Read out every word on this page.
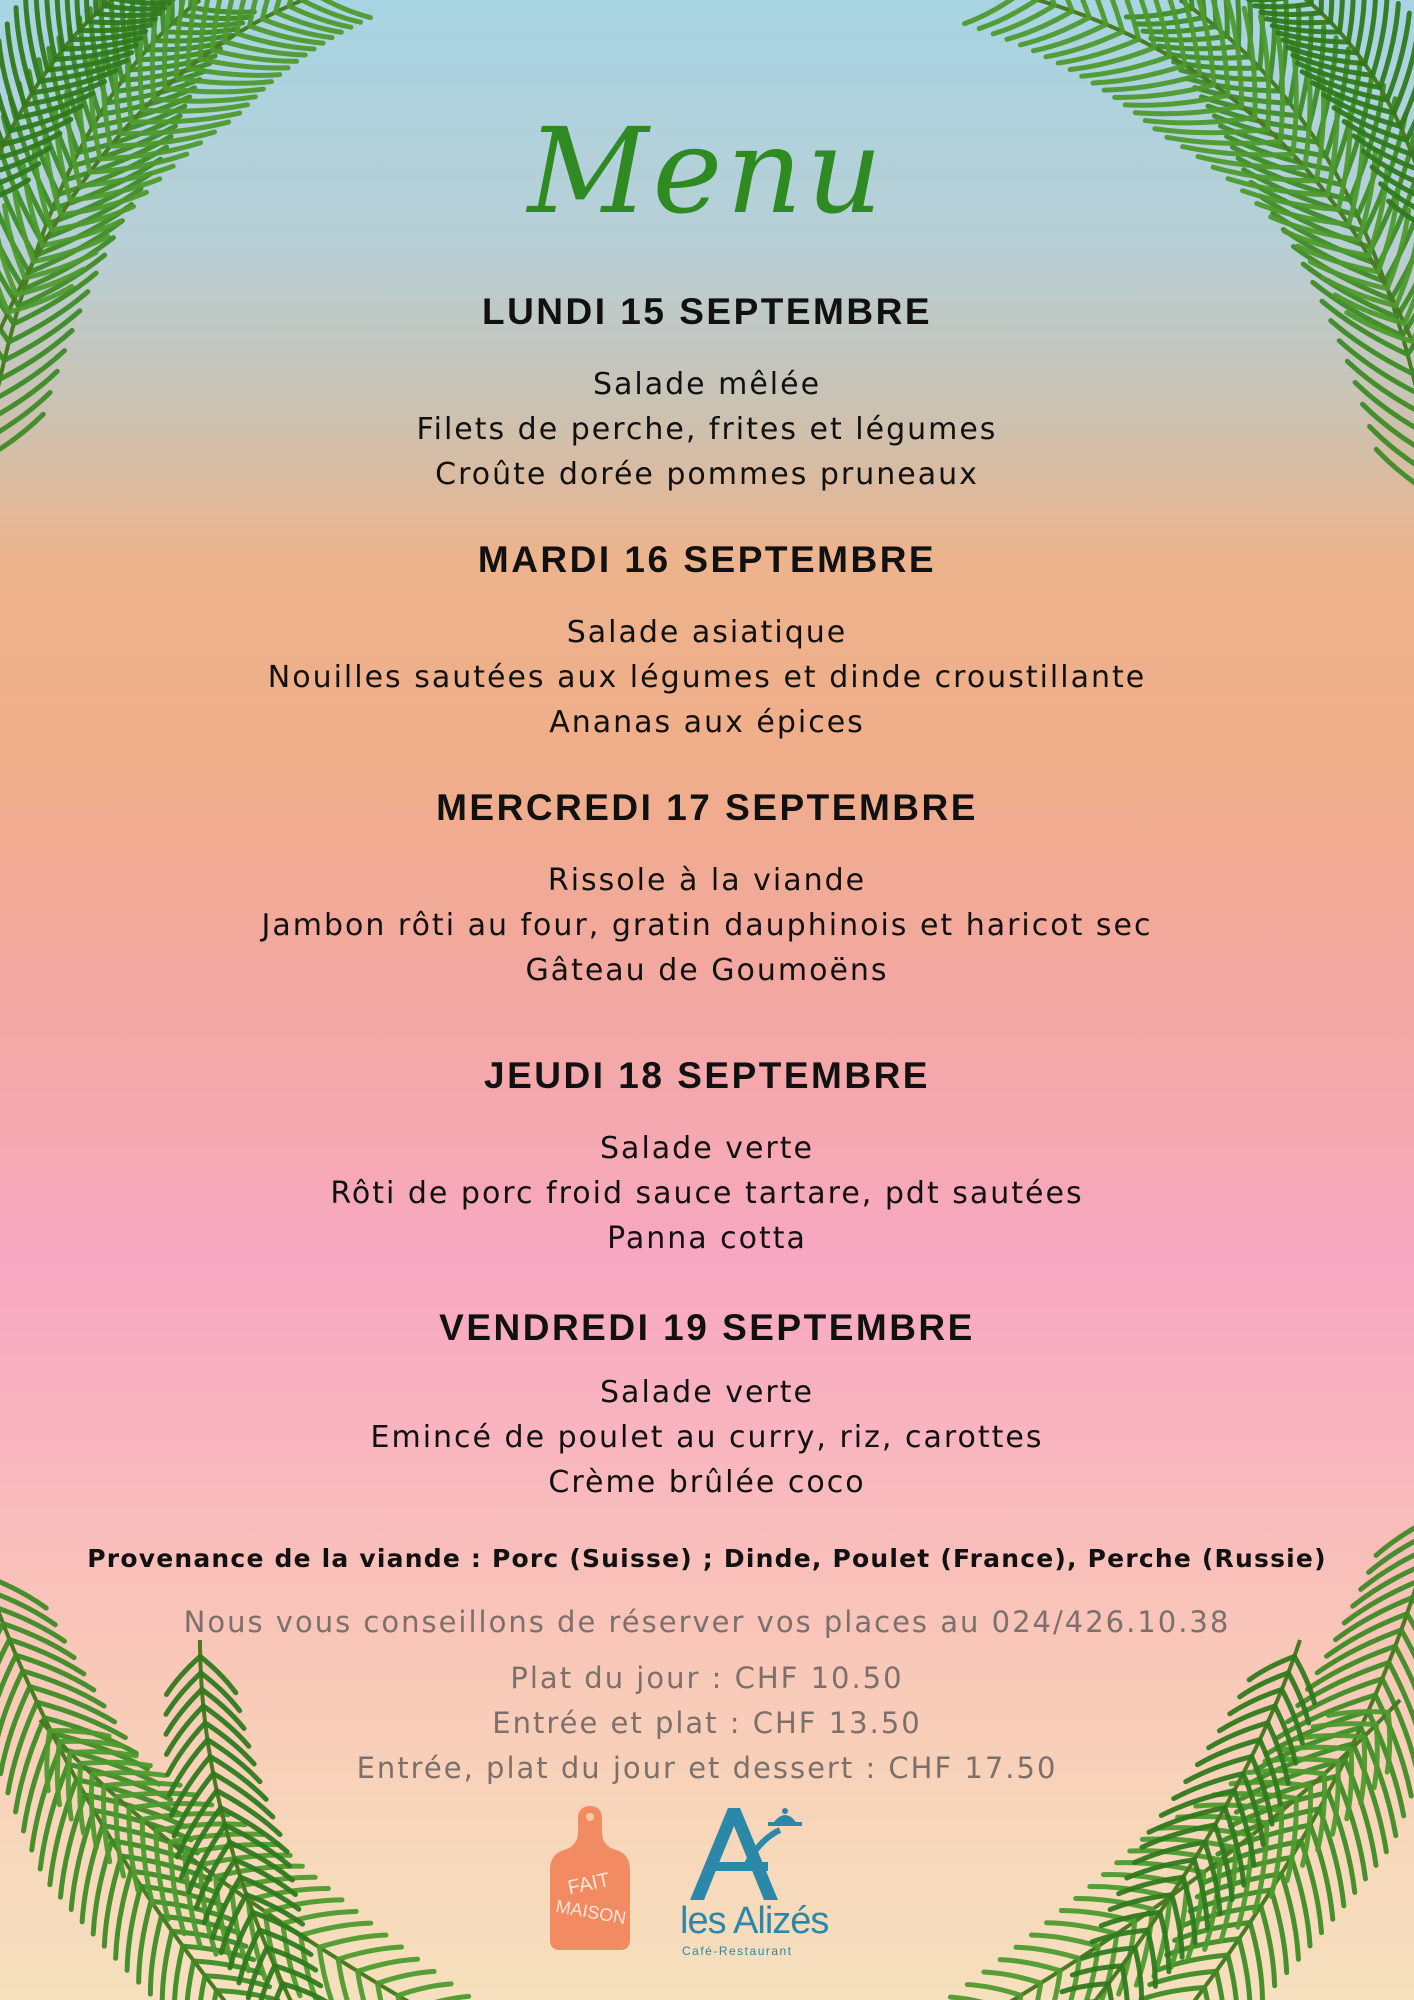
Menu
LUNDI 15 SEPTEMBRE
Salade mêlée
Filets de perche, frites et légumes
Croûte dorée pommes pruneaux
MARDI 16 SEPTEMBRE
Salade asiatique
Nouilles sautées aux légumes et dinde croustillante
Ananas aux épices
MERCREDI 17 SEPTEMBRE
Rissole à la viande
Jambon rôti au four, gratin dauphinois et haricot sec
Gâteau de Goumoëns
JEUDI 18 SEPTEMBRE
Salade verte
Rôti de porc froid sauce tartare, pdt sautées
Panna cotta
VENDREDI 19 SEPTEMBRE
Salade verte
Emincé de poulet au curry, riz, carottes
Crème brûlée coco
Provenance de la viande : Porc (Suisse) ; Dinde, Poulet (France), Perche (Russie)
Nous vous conseillons de réserver vos places au 024/426.10.38
Plat du jour : CHF 10.50
Entrée et plat : CHF 13.50
Entrée, plat du jour et dessert : CHF 17.50
FAIT
MAISON les Alizés
Café-Restaurant
